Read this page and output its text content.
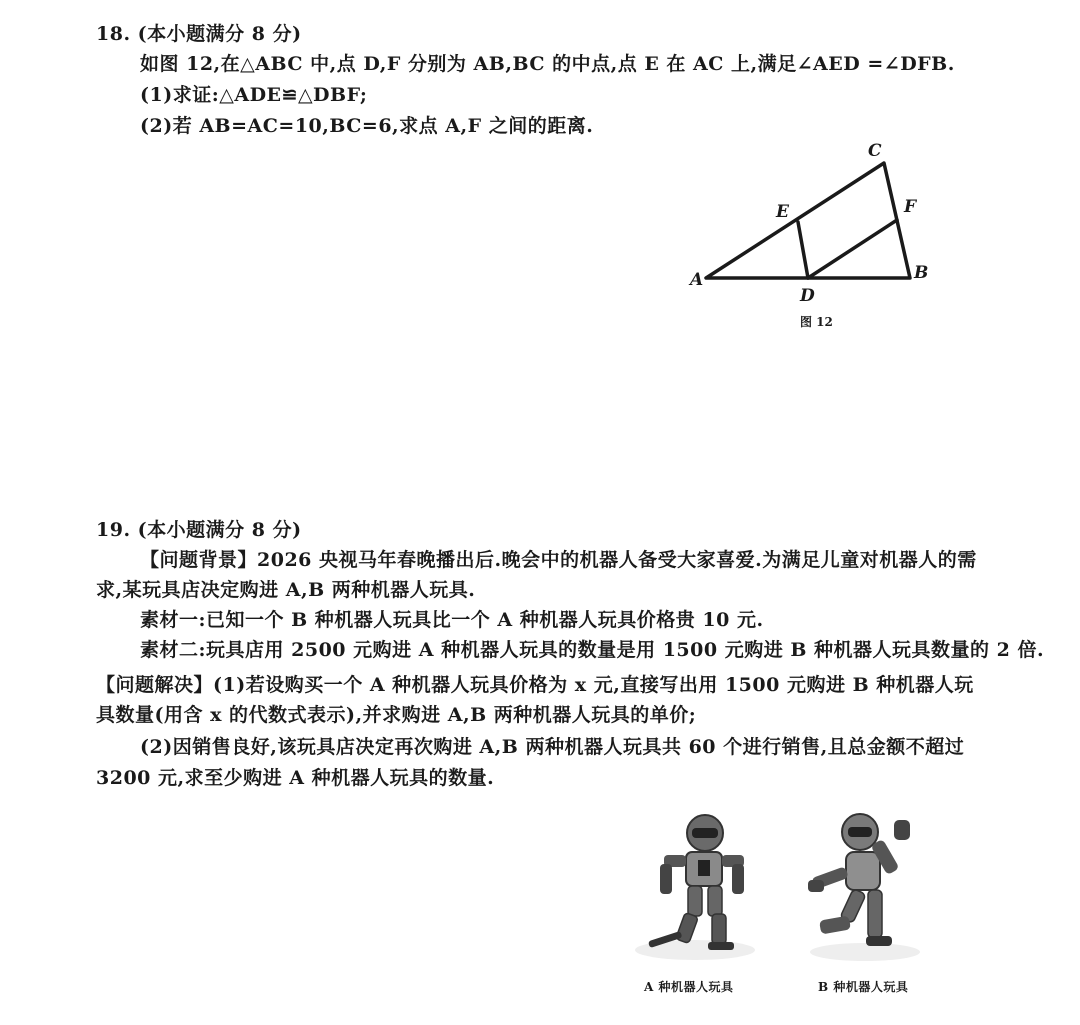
18. (本小题满分 8 分)
如图 12,在△ABC 中,点 D,F 分别为 AB,BC 的中点,点 E 在 AC 上,满足∠AED =∠DFB.
(1)求证:△ADE≌△DBF;
(2)若 AB=AC=10,BC=6,求点 A,F 之间的距离.
C
E	F
A	B
D
图 12
19. (本小题满分 8 分)
【问题背景】2026 央视马年春晚播出后.晚会中的机器人备受大家喜爱.为满足儿童对机器人的需
求,某玩具店决定购进 A,B 两种机器人玩具.
素材一:已知一个 B 种机器人玩具比一个 A 种机器人玩具价格贵 10 元.
素材二:玩具店用 2500 元购进 A 种机器人玩具的数量是用 1500 元购进 B 种机器人玩具数量的 2 倍.
【问题解决】(1)若设购买一个 A 种机器人玩具价格为 x 元,直接写出用 1500 元购进 B 种机器人玩
具数量(用含 x 的代数式表示),并求购进 A,B 两种机器人玩具的单价;
(2)因销售良好,该玩具店决定再次购进 A,B 两种机器人玩具共 60 个进行销售,且总金额不超过
3200 元,求至少购进 A 种机器人玩具的数量.
A 种机器人玩具	B 种机器人玩具
